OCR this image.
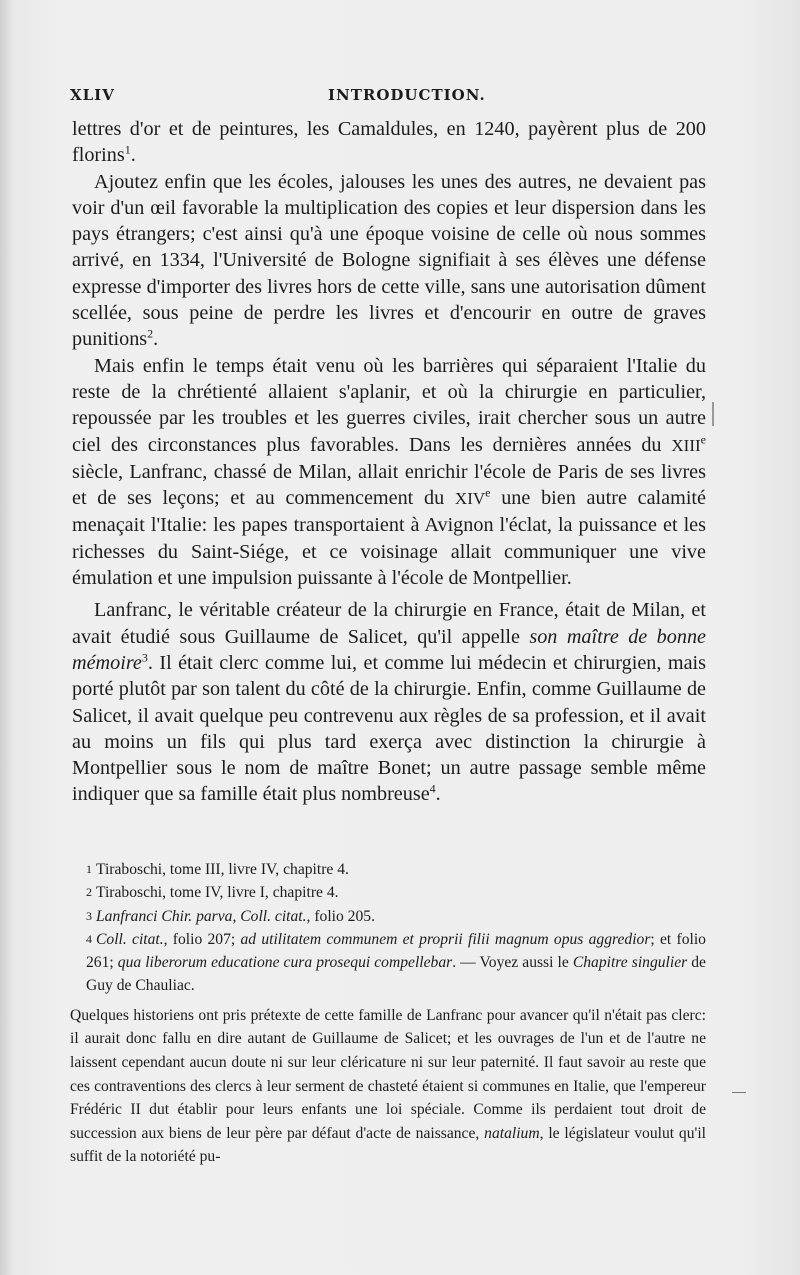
XLIV	INTRODUCTION.

lettres d'or et de peintures, les Camaldules, en 1240, payèrent plus de 200 florins$^1$.

Ajoutez enfin que les écoles, jalouses les unes des autres, ne devaient pas voir d'un œil favorable la multiplication des copies et leur dispersion dans les pays étrangers; c'est ainsi qu'à une époque voisine de celle où nous sommes arrivé, en 1334, l'Université de Bologne signifiait à ses élèves une défense expresse d'importer des livres hors de cette ville, sans une autorisation dûment scellée, sous peine de perdre les livres et d'encourir en outre de graves punitions$^2$.

Mais enfin le temps était venu où les barrières qui séparaient l'Italie du reste de la chrétienté allaient s'aplanir, et où la chirurgie en particulier, repoussée par les troubles et les guerres civiles, irait chercher sous un autre ciel des circonstances plus favorables. Dans les dernières années du XIIIe siècle, Lanfranc, chassé de Milan, allait enrichir l'école de Paris de ses livres et de ses leçons; et au commencement du XIVe une bien autre calamité menaçait l'Italie: les papes transportaient à Avignon l'éclat, la puissance et les richesses du Saint-Siége, et ce voisinage allait communiquer une vive émulation et une impulsion puissante à l'école de Montpellier.

Lanfranc, le véritable créateur de la chirurgie en France, était de Milan, et avait étudié sous Guillaume de Salicet, qu'il appelle son maître de bonne mémoire$^3$. Il était clerc comme lui, et comme lui médecin et chirurgien, mais porté plutôt par son talent du côté de la chirurgie. Enfin, comme Guillaume de Salicet, il avait quelque peu contrevenu aux règles de sa profession, et il avait au moins un fils qui plus tard exerça avec distinction la chirurgie à Montpellier sous le nom de maître Bonet; un autre passage semble même indiquer que sa famille était plus nombreuse$^4$.

$^1$ Tiraboschi, tome III, livre IV, chapitre 4.

$^2$ Tiraboschi, tome IV, livre I, chapitre 4.

$^3$ Lanfranci Chir. parva, Coll. citat., folio 205.

$^4$ Coll. citat., folio 207; ad utilitatem communem et proprii filii magnum opus aggredior; et folio 261; qua liberorum educatione cura prosequi compellebar. — Voyez aussi le Chapitre singulier de Guy de Chauliac.

Quelques historiens ont pris prétexte de cette famille de Lanfranc pour avancer qu'il n'était pas clerc: il aurait donc fallu en dire autant de Guillaume de Salicet; et les ouvrages de l'un et de l'autre ne laissent cependant aucun doute ni sur leur cléricature ni sur leur paternité. Il faut savoir au reste que ces contraventions des clercs à leur serment de chasteté étaient si communes en Italie, que l'empereur Frédéric II dut établir pour leurs enfants une loi spéciale. Comme ils perdaient tout droit de succession aux biens de leur père par défaut d'acte de naissance, natalium, le législateur voulut qu'il suffit de la notoriété pu-
